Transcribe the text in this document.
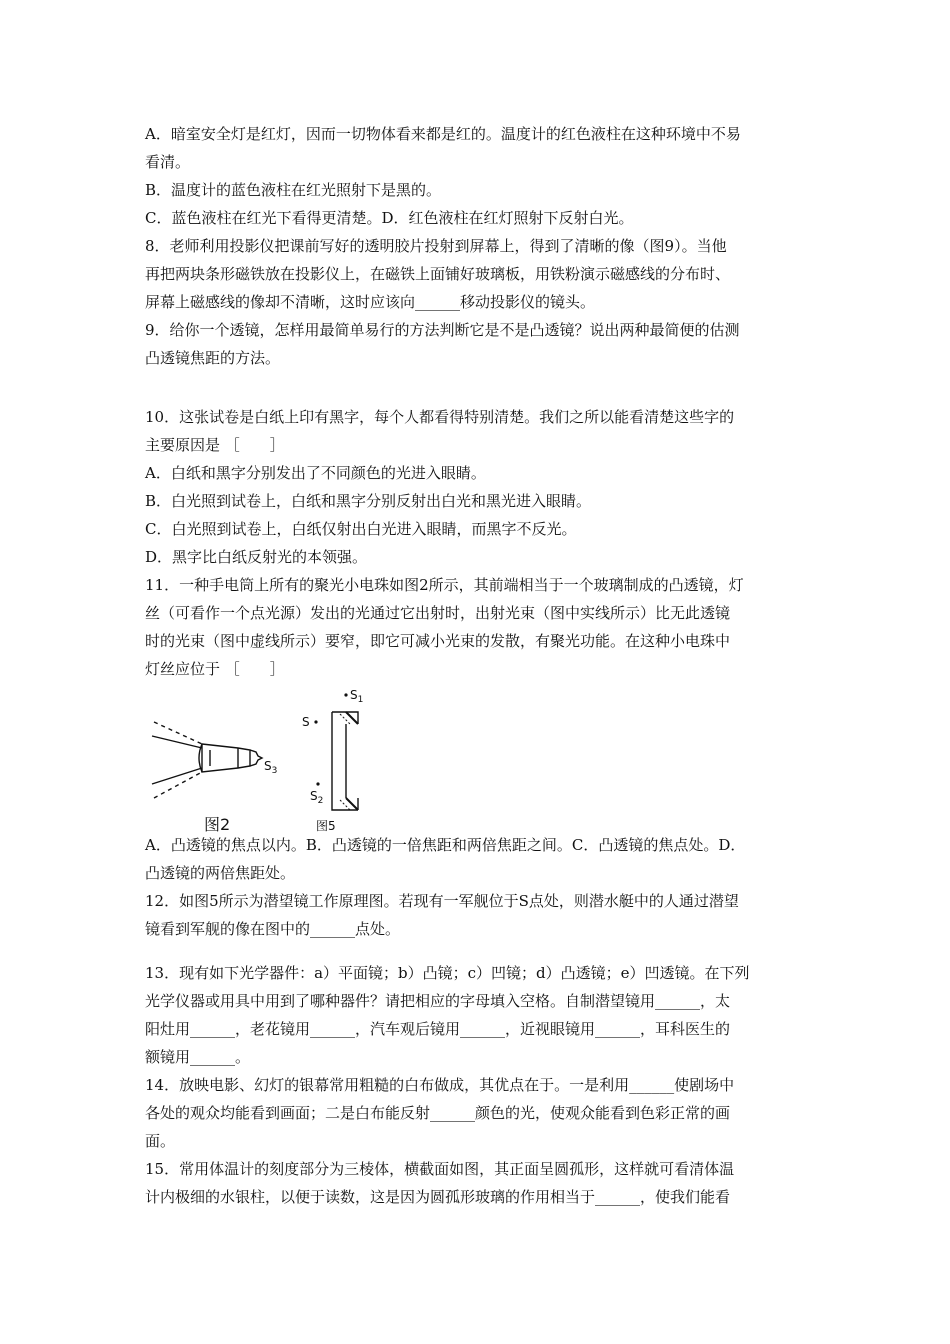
A．暗室安全灯是红灯，因而一切物体看来都是红的。温度计的红色液柱在这种环境中不易
看清。
B．温度计的蓝色液柱在红光照射下是黑的。
C．蓝色液柱在红光下看得更清楚。D．红色液柱在红灯照射下反射白光。
8．老师利用投影仪把课前写好的透明胶片投射到屏幕上，得到了清晰的像（图9）。当他
再把两块条形磁铁放在投影仪上，在磁铁上面铺好玻璃板，用铁粉演示磁感线的分布时、
屏幕上磁感线的像却不清晰，这时应该向______移动投影仪的镜头。
9．给你一个透镜，怎样用最简单易行的方法判断它是不是凸透镜？说出两种最简便的估测
凸透镜焦距的方法。
10．这张试卷是白纸上印有黑字，每个人都看得特别清楚。我们之所以能看清楚这些字的
主要原因是 ［　　］
A．白纸和黑字分别发出了不同颜色的光进入眼睛。
B．白光照到试卷上，白纸和黑字分别反射出白光和黑光进入眼睛。
C．白光照到试卷上，白纸仅射出白光进入眼睛，而黑字不反光。
D．黑字比白纸反射光的本领强。
11．一种手电筒上所有的聚光小电珠如图2所示，其前端相当于一个玻璃制成的凸透镜，灯
丝（可看作一个点光源）发出的光通过它出射时，出射光束（图中实线所示）比无此透镜
时的光束（图中虚线所示）要窄，即它可减小光束的发散，有聚光功能。在这种小电珠中
灯丝应位于 ［　　］
A．凸透镜的焦点以内。B．凸透镜的一倍焦距和两倍焦距之间。C．凸透镜的焦点处。D．
凸透镜的两倍焦距处。
12．如图5所示为潜望镜工作原理图。若现有一军舰位于S点处，则潜水艇中的人通过潜望
镜看到军舰的像在图中的______点处。
13．现有如下光学器件：a）平面镜；b）凸镜；c）凹镜；d）凸透镜；e）凹透镜。在下列
光学仪器或用具中用到了哪种器件？请把相应的字母填入空格。自制潜望镜用______，太
阳灶用______，老花镜用______，汽车观后镜用______，近视眼镜用______，耳科医生的
额镜用______。
14．放映电影、幻灯的银幕常用粗糙的白布做成，其优点在于。一是利用______使剧场中
各处的观众均能看到画面；二是白布能反射______颜色的光，使观众能看到色彩正常的画
面。
15．常用体温计的刻度部分为三棱体，横截面如图，其正面呈圆孤形，这样就可看清体温
计内极细的水银柱，以便于读数，这是因为圆孤形玻璃的作用相当于______，使我们能看
$S_3$
图2
$S_1$
S
$S_2$
图5
